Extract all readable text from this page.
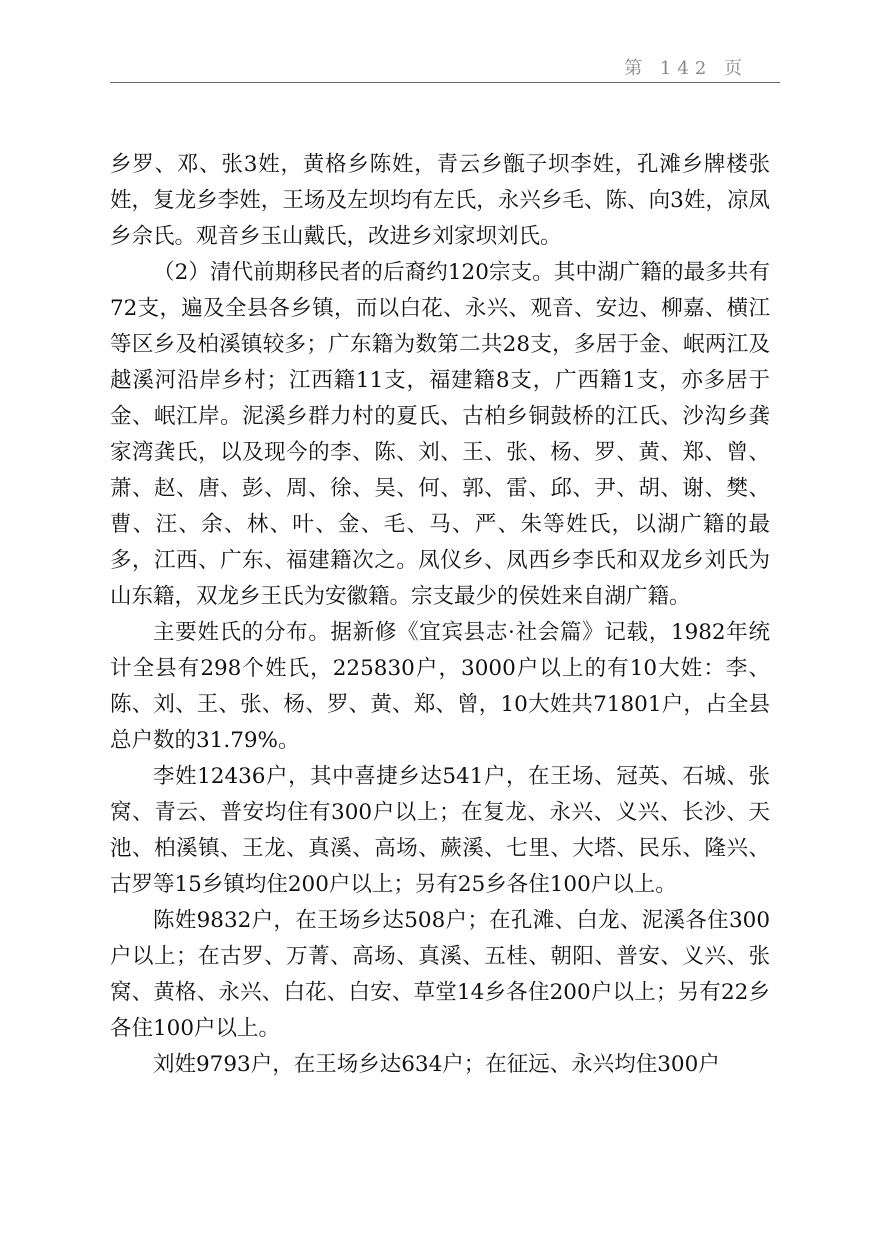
第 142 页

乡罗、邓、张3姓，黄格乡陈姓，青云乡甑子坝李姓，孔滩乡牌楼张姓，复龙乡李姓，王场及左坝均有左氏，永兴乡毛、陈、向3姓，凉凤乡佘氏。观音乡玉山戴氏，改进乡刘家坝刘氏。

（2）清代前期移民者的后裔约120宗支。其中湖广籍的最多共有72支，遍及全县各乡镇，而以白花、永兴、观音、安边、柳嘉、横江等区乡及柏溪镇较多；广东籍为数第二共28支，多居于金、岷两江及越溪河沿岸乡村；江西籍11支，福建籍8支，广西籍1支，亦多居于金、岷江岸。泥溪乡群力村的夏氏、古柏乡铜鼓桥的江氏、沙沟乡龚家湾龚氏，以及现今的李、陈、刘、王、张、杨、罗、黄、郑、曾、萧、赵、唐、彭、周、徐、吴、何、郭、雷、邱、尹、胡、谢、樊、曹、汪、余、林、叶、金、毛、马、严、朱等姓氏，以湖广籍的最多，江西、广东、福建籍次之。凤仪乡、凤西乡李氏和双龙乡刘氏为山东籍，双龙乡王氏为安徽籍。宗支最少的侯姓来自湖广籍。

主要姓氏的分布。据新修《宜宾县志·社会篇》记载，1982年统计全县有298个姓氏，225830户，3000户以上的有10大姓：李、陈、刘、王、张、杨、罗、黄、郑、曾，10大姓共71801户，占全县总户数的31.79%。

李姓12436户，其中喜捷乡达541户，在王场、冠英、石城、张窝、青云、普安均住有300户以上；在复龙、永兴、义兴、长沙、天池、柏溪镇、王龙、真溪、高场、蕨溪、七里、大塔、民乐、隆兴、古罗等15乡镇均住200户以上；另有25乡各住100户以上。

陈姓9832户，在王场乡达508户；在孔滩、白龙、泥溪各住300户以上；在古罗、万菁、高场、真溪、五桂、朝阳、普安、义兴、张窝、黄格、永兴、白花、白安、草堂14乡各住200户以上；另有22乡各住100户以上。

刘姓9793户，在王场乡达634户；在征远、永兴均住300户
